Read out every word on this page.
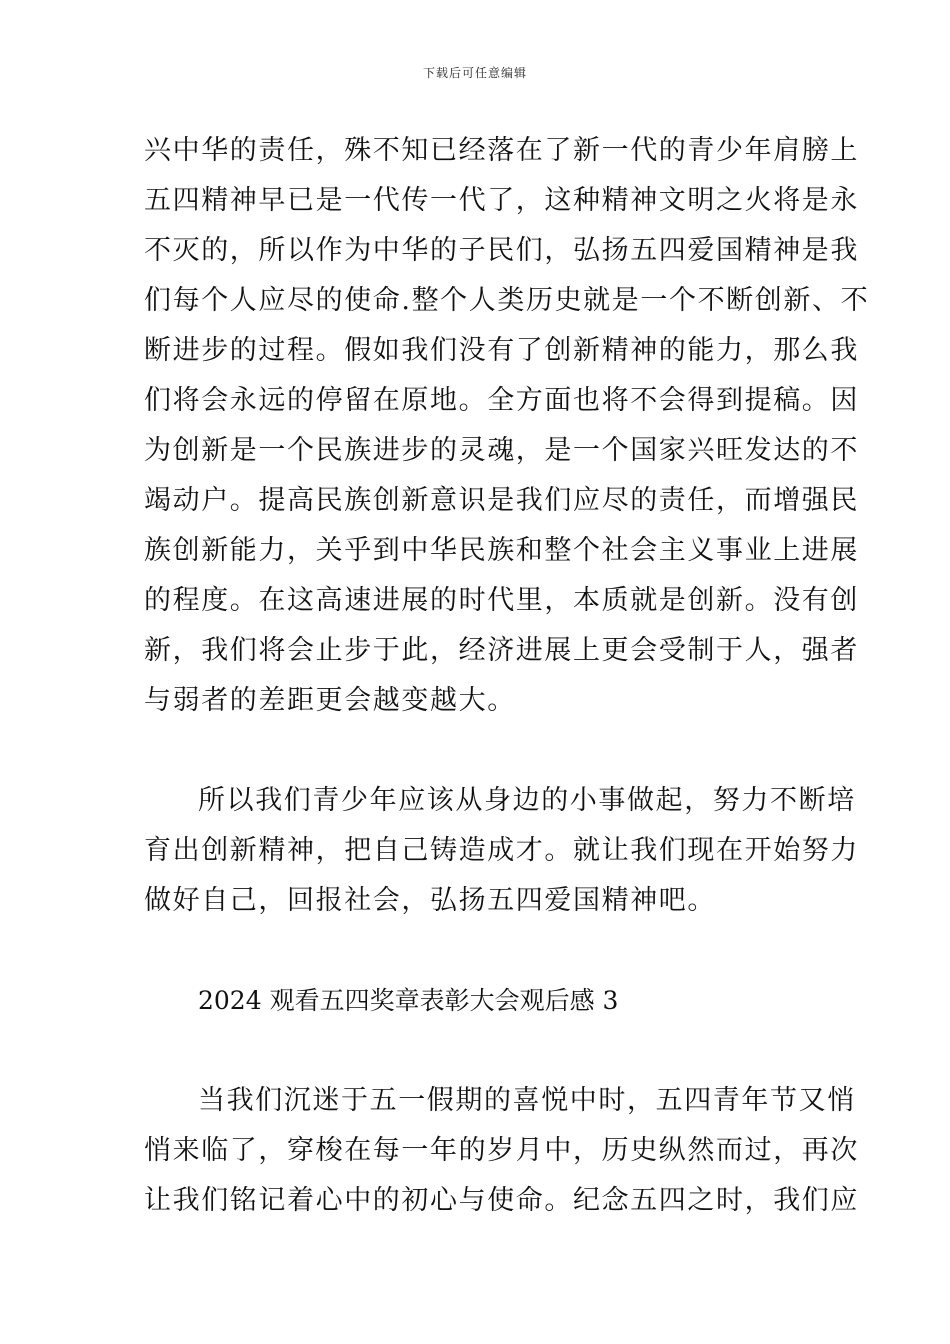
下载后可任意编辑
兴中华的责任，殊不知已经落在了新一代的青少年肩膀上
五四精神早已是一代传一代了，这种精神文明之火将是永
不灭的，所以作为中华的子民们，弘扬五四爱国精神是我
们每个人应尽的使命.整个人类历史就是一个不断创新、不
断进步的过程。假如我们没有了创新精神的能力，那么我
们将会永远的停留在原地。全方面也将不会得到提稿。因
为创新是一个民族进步的灵魂，是一个国家兴旺发达的不
竭动户。提高民族创新意识是我们应尽的责任，而增强民
族创新能力，关乎到中华民族和整个社会主义事业上进展
的程度。在这高速进展的时代里，本质就是创新。没有创
新，我们将会止步于此，经济进展上更会受制于人，强者
与弱者的差距更会越变越大。
所以我们青少年应该从身边的小事做起，努力不断培
育出创新精神，把自己铸造成才。就让我们现在开始努力
做好自己，回报社会，弘扬五四爱国精神吧。
2024 观看五四奖章表彰大会观后感 3
当我们沉迷于五一假期的喜悦中时，五四青年节又悄
悄来临了，穿梭在每一年的岁月中，历史纵然而过，再次
让我们铭记着心中的初心与使命。纪念五四之时，我们应
